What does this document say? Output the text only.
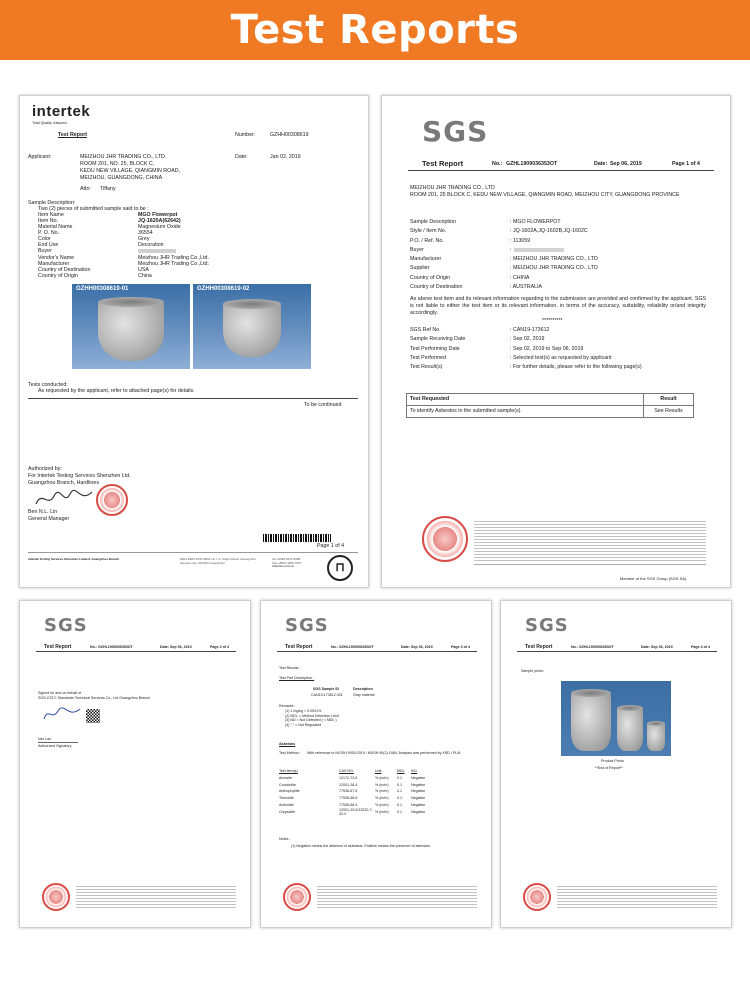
Test Reports
intertek
Total Quality. Assured.
Test Report	Number:	GZHH00308619
Applicant:	MEIZHOU JHR TRADING CO., LTD.
ROOM 201, NO. 25, BLOCK C,
KEDU NEW VILLAGE, QIANGMIN ROAD,
MEIZHOU, GUANGDONG, CHINA
Date:	Jan 02, 2019
Attn: Tiffany
Sample Description:
Two (2) pieces of submitted sample said to be :
Item Name	MGO Flowerpot
Item No.	JQ-1620A(62642)
Material Name	Magnesium Oxide
P. O. No.	36554
Color	Grey
End Use	Decoration
Buyer
Vendor's Name	Meizhou JHR Trading Co.,Ltd.
Manufacturer	Meizhou JHR Trading Co.,Ltd.
Country of Destination	USA
Country of Origin	China
GZHH00308619-01	GZHH00308619-02
Tests conducted:
As requested by the applicant, refer to attached page(s) for details.
To be continued
Authorized by:
For Intertek Testing Services Shenzhen Ltd.
Guangzhou Branch, Hardlines
Ben N.L. Lin
General Manager
Page 1 of 4
Intertek Testing Services Shenzhen Limited, Guangzhou Branch	E501 E601 E701 E801 No.7-2, Caipin Road, Guangzhou Science City, GETDD Guangzhou
Tel +8620 8213 9688
Fax +8620 3205 7537
intertek.com.cn	⊓
SGS
Test Report	No.: GZHL1909036353OT	Date: Sep 06, 2019	Page 1 of 4
MEIZHOU JHR TRADING CO., LTD
ROOM 201, 25 BLOCK C, KEDU NEW VILLAGE, QIANGMIN ROAD, MEIZHOU CITY, GUANGDONG PROVINCE
Sample Description	: MGO FLOWERPOT
Style / Item No.	: JQ-1602A,JQ-1602B,JQ-1602C
P.O. / Ref. No.	: 113059
Buyer	:
Manufacturer	: MEIZHOU JHR TRADING CO., LTD
Supplier	: MEIZHOU JHR TRADING CO., LTD
Country of Origin	: CHINA
Country of Destination	: AUSTRALIA
As above test item and its relevant information regarding to the submission are provided and confirmed by the applicant. SGS is not liable to either the test item or its relevant information, in terms of the accuracy, suitability, reliability or/and integrity accordingly.
**********
SGS Ref No.	: CAN19-173612
Sample Receiving Date	: Sep 02, 2019
Test Performing Date	: Sep 02, 2019 to Sep 06, 2019
Test Performed	: Selected test(s) as requested by applicant
Test Result(s)	: For further details, please refer to the following page(s)
Test Requested	Result
To identify Asbestos in the submitted sample(s).	See Results
Member of the SGS Group (SGS SA)
SGS
Test Report	No.: GZHL1909036353OT	Date: Sep 06, 2019	Page 2 of 4
Signed for and on behalf of
SGS-CSTC Standards Technical Services Co., Ltd Guangzhou Branch
Van Lau
Authorized Signatory
SGS
Test Report	No.: GZHL1909036353OT	Date: Sep 06, 2019	Page 3 of 4
Test Results :
Test Part Description :
SGS Sample ID	Description
CAN19-173612.001	Gray material
Remarks :
(1) 1 mg/kg = 0.0001%
(2) MDL = Method Detection Limit
(3) ND = Not Detected ( < MDL )
(4) "-" = Not Regulated
Asbestos
Test Method : With reference to NIOSH 9000:2015 / MDSH 90(2):1984, Analysis was performed by XRD / PLM
Test Item(s)	CAS NO.	Unit	MDL	001
Amosite	12172-73-5	% (m/m)	0.1	Negative
Crocidolite	12001-28-4	% (m/m)	0.1	Negative
Anthophyllite	77536-67-5	% (m/m)	0.1	Negative
Tremolite	77536-68-6	% (m/m)	0.1	Negative
Actinolite	77536-66-4	% (m/m)	0.1	Negative
Chrysotile	12001-29-5/13220-7-32-0	% (m/m)	0.1	Negative
Notes :
(1) Negative means the absence of asbestos. Positive means the presence of asbestos.
SGS
Test Report	No.: GZHL1909036353OT	Date: Sep 06, 2019	Page 4 of 4
Sample photo:
Product Photo
**End of Report**
